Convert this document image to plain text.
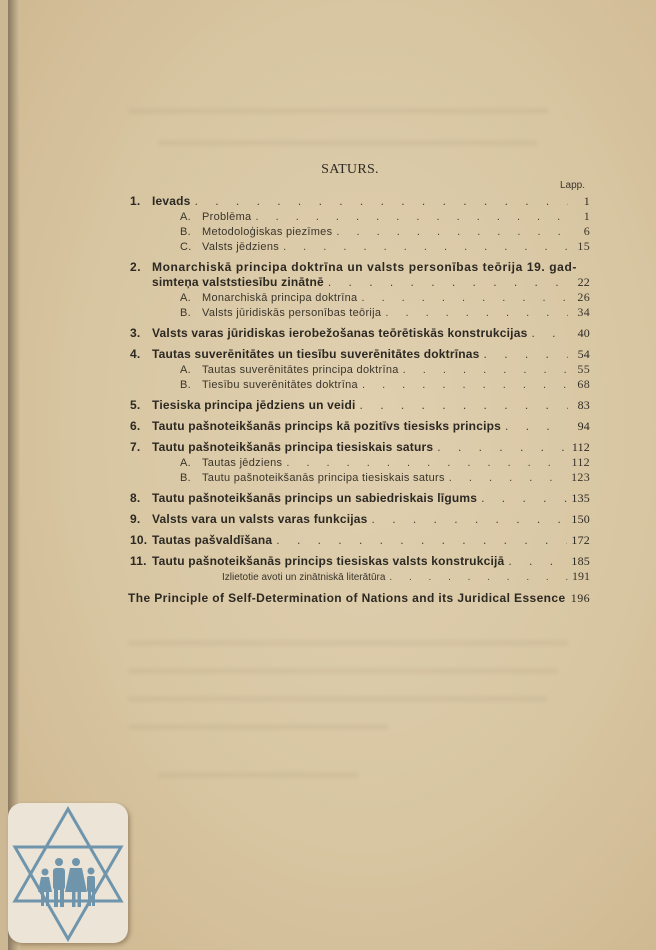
SATURS.
Lapp.
1. Ievads . . .	1
A.	Problēma . . .	1
B.	Metodoloģiskas piezīmes . . .	6
C. Valsts jēdziens . . .	15
2. Monarchiskā principa doktrīna un valsts personības teōrija 19. gad-
simteņa valststiesību zinātnē . . .	22
A.	Monarchiskā principa doktrīna . . .	26
B.	Valsts jūridiskās personības teōrija . . .	34
3. Valsts varas jūridiskas ierobežošanas teōrētiskās konstrukcijas . . .	40
4. Tautas suverēnitātes un tiesību suverēnitātes doktrīnas . . .	54
A.	Tautas suverēnitātes principa doktrīna . . .	55
B.	Tiesību suverēnitātes doktrīna . . .	68
5. Tiesiska principa jēdziens un veidi . . .	83
6. Tautu pašnoteikšanās princips kā pozitīvs tiesisks princips . . .	94
7. Tautu pašnoteikšanās principa tiesiskais saturs . . .	112
A.	Tautas jēdziens . . .	112
B.	Tautu pašnoteikšanās principa tiesiskais saturs . . .	123
8. Tautu pašnoteikšanās princips un sabiedriskais līgums . . .	135
9. Valsts vara un valsts varas funkcijas . . .	150
10. Tautas pašvaldīšana . . .	172
11. Tautu pašnoteikšanās princips tiesiskas valsts konstrukcijā . . .	185
Izlietotie avoti un zinātniskā literātūra . . .	191
The Principle of Self-Determination of Nations and its Juridical Essence 196
